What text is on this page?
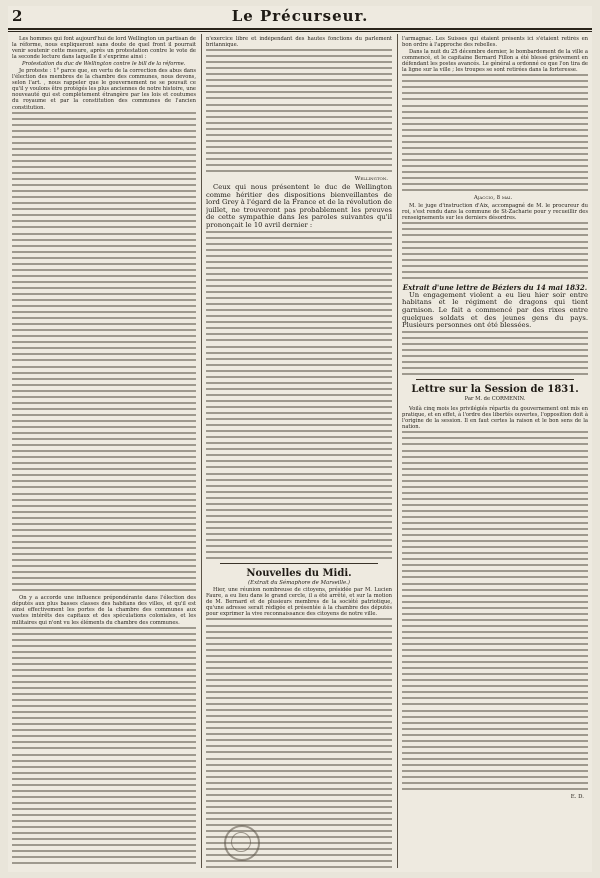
2	Le Précurseur.

Les hommes qui font aujourd'hui de lord Wellington un partisan de la réforme, nous expliqueront sans doute de quel front il pourrait venir soutenir cette mesure, après un protestation contre le vote de la seconde lecture dans laquelle il s'exprime ainsi :

Protestation du duc de Wellington contre le bill de la réforme.

Je proteste : 1° parce que, en vertu de la correction des abus dans l'élection des membres de la chambre des communes, nous devons, selon l'art. , nous rappeler que le gouvernement ne se pouvait ce qu'il y voulons être protégés les plus anciennes de notre histoire, une nouveauté qui est complètement étrangère par les lois et coutumes du royaume et par la constitution des communes de l'ancien constitution.

On y a accorde une influence prépondérante dans l'élection des députés aux plus basses classes des habitans des villes, et qu'il est ainsi effectivement les portes de la chambre des communes aux vastes intérêts des capitaux et des spéculations coloniales, et les militaires qui n'ont vu les éléments du chambre des communes.

n'exercice libre et indépendant des hautes fonctions du parlement britannique.

Wellington.

Ceux qui nous présentent le duc de Wellington comme héritier des dispositions bienveillantes de lord Grey à l'égard de la France et de la révolution de juillet, ne trouveront pas probablement les preuves de cette sympathie dans les paroles suivantes qu'il prononçait le 10 avril dernier :

Nouvelles du Midi.
(Extrait du Sémaphore de Marseille.)

Hier, une réunion nombreuse de citoyens, présidée par M. Lucien Faure, a eu lieu dans le grand cercle, il a été arrêté, et sur la motion de M. Bernard et de plusieurs membres de la société patriotique, qu'une adresse serait rédigée et présentée à la chambre des députés pour exprimer la vive reconnaissance des citoyens de notre ville.

l'armagnac. Les Suisses qui étaient présents ici s'étaient retirés en bon ordre à l'approche des rebelles.

Dans la nuit du 25 décembre dernier, le bombardement de la ville a commencé, et le capitaine Bernard Fillon a été blessé grièvement en défendant les postes avancés. Le général a ordonné ce que l'on tira de la ligne sur la ville ; les troupes se sont retirées dans la forteresse.

Ajaccio, 8 mai.

M. le juge d'instruction d'Aix, accompagné de M. le procureur du roi, s'est rendu dans la commune de St-Zacharie pour y recueillir des renseignements sur les derniers désordres.

Extrait d'une lettre de Béziers du 14 mai 1832.

Un engagement violent a eu lieu hier soir entre habitans et le régiment de dragons qui tient garnison. Le fait a commencé par des rixes entre quelques soldats et des jeunes gens du pays. Plusieurs personnes ont été blessées.

Lettre sur la Session de 1831.
Par M. de CORMENIN.

Voilà cinq mois les privilégiés répartis du gouvernement ont mis en pratique, et en effet, à l'ordre des libertés ouvertes, l'opposition doit à l'origine de la session. Il en faut certes la raison et le bon sens de la nation.

E. D.
